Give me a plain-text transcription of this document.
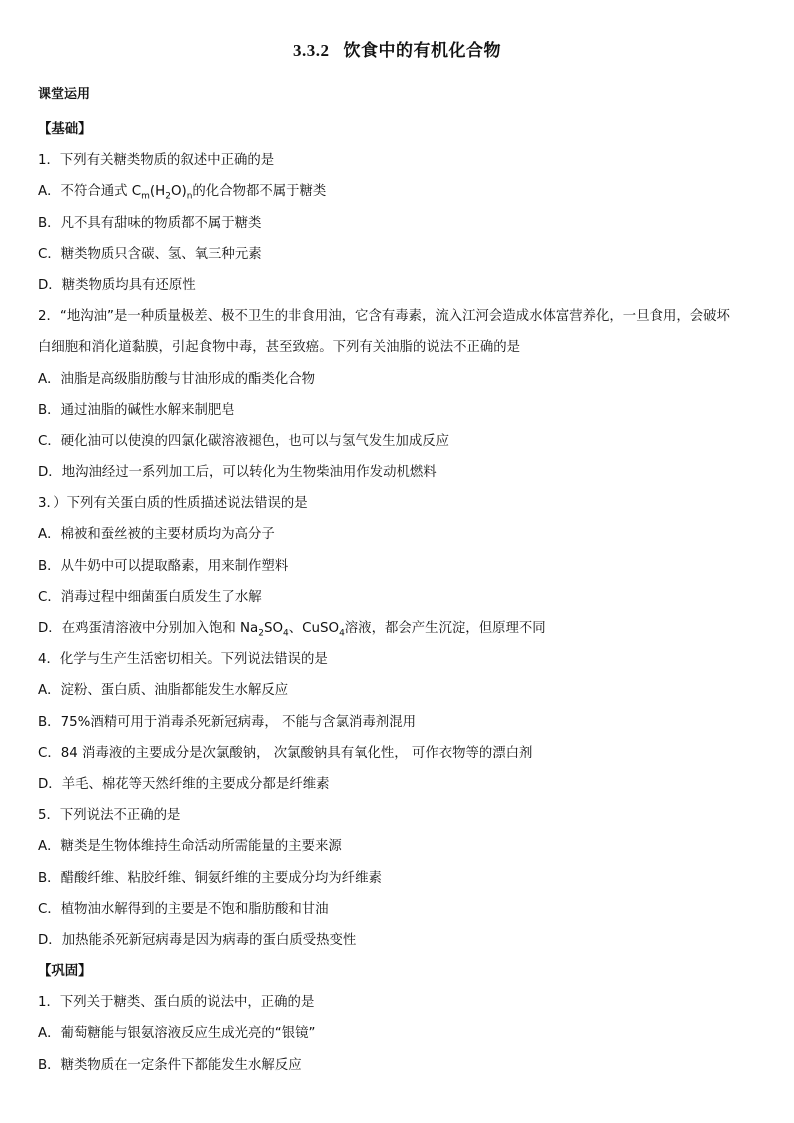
3.3.2 饮食中的有机化合物
课堂运用
【基础】
1．下列有关糖类物质的叙述中正确的是
A．不符合通式 $C_m(H_2O)_n$的化合物都不属于糖类
B．凡不具有甜味的物质都不属于糖类
C．糖类物质只含碳、氢、氧三种元素
D．糖类物质均具有还原性
2．“地沟油”是一种质量极差、极不卫生的非食用油，它含有毒素，流入江河会造成水体富营养化，一旦食用，会破坏
白细胞和消化道黏膜，引起食物中毒，甚至致癌。下列有关油脂的说法不正确的是
A．油脂是高级脂肪酸与甘油形成的酯类化合物
B．通过油脂的碱性水解来制肥皂
C．硬化油可以使溴的四氯化碳溶液褪色，也可以与氢气发生加成反应
D．地沟油经过一系列加工后，可以转化为生物柴油用作发动机燃料
3．）下列有关蛋白质的性质描述说法错误的是
A．棉被和蚕丝被的主要材质均为高分子
B．从牛奶中可以提取酪素，用来制作塑料
C．消毒过程中细菌蛋白质发生了水解
D．在鸡蛋清溶液中分别加入饱和 $Na_2SO_4$、CuSO$_4$溶液，都会产生沉淀，但原理不同
4．化学与生产生活密切相关。下列说法错误的是
A．淀粉、蛋白质、油脂都能发生水解反应
B．75%酒精可用于消毒杀死新冠病毒， 不能与含氯消毒剂混用
C．84 消毒液的主要成分是次氯酸钠， 次氯酸钠具有氧化性， 可作衣物等的漂白剂
D．羊毛、棉花等天然纤维的主要成分都是纤维素
5．下列说法不正确的是
A．糖类是生物体维持生命活动所需能量的主要来源
B．醋酸纤维、粘胶纤维、铜氨纤维的主要成分均为纤维素
C．植物油水解得到的主要是不饱和脂肪酸和甘油
D．加热能杀死新冠病毒是因为病毒的蛋白质受热变性
【巩固】
1．下列关于糖类、蛋白质的说法中，正确的是
A．葡萄糖能与银氨溶液反应生成光亮的“银镜”
B．糖类物质在一定条件下都能发生水解反应
